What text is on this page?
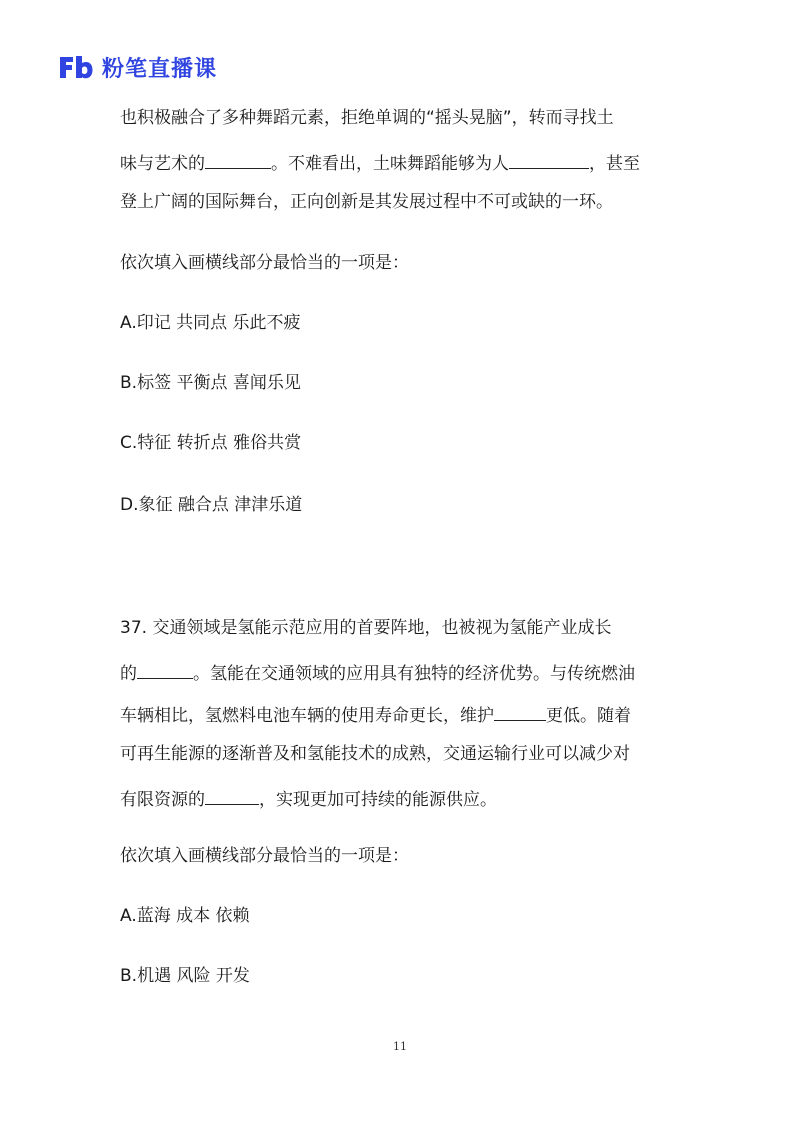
粉笔直播课
也积极融合了多种舞蹈元素，拒绝单调的“摇头晃脑”，转而寻找土
味与艺术的	。不难看出，土味舞蹈能够为人	，甚至
登上广阔的国际舞台，正向创新是其发展过程中不可或缺的一环。
依次填入画横线部分最恰当的一项是：
A.印记 共同点 乐此不疲
B.标签 平衡点 喜闻乐见
C.特征 转折点 雅俗共赏
D.象征 融合点 津津乐道
37. 交通领域是氢能示范应用的首要阵地，也被视为氢能产业成长
的	。氢能在交通领域的应用具有独特的经济优势。与传统燃油
车辆相比，氢燃料电池车辆的使用寿命更长，维护	更低。随着
可再生能源的逐渐普及和氢能技术的成熟，交通运输行业可以减少对
有限资源的	，实现更加可持续的能源供应。
依次填入画横线部分最恰当的一项是：
A.蓝海 成本 依赖
B.机遇 风险 开发
11
